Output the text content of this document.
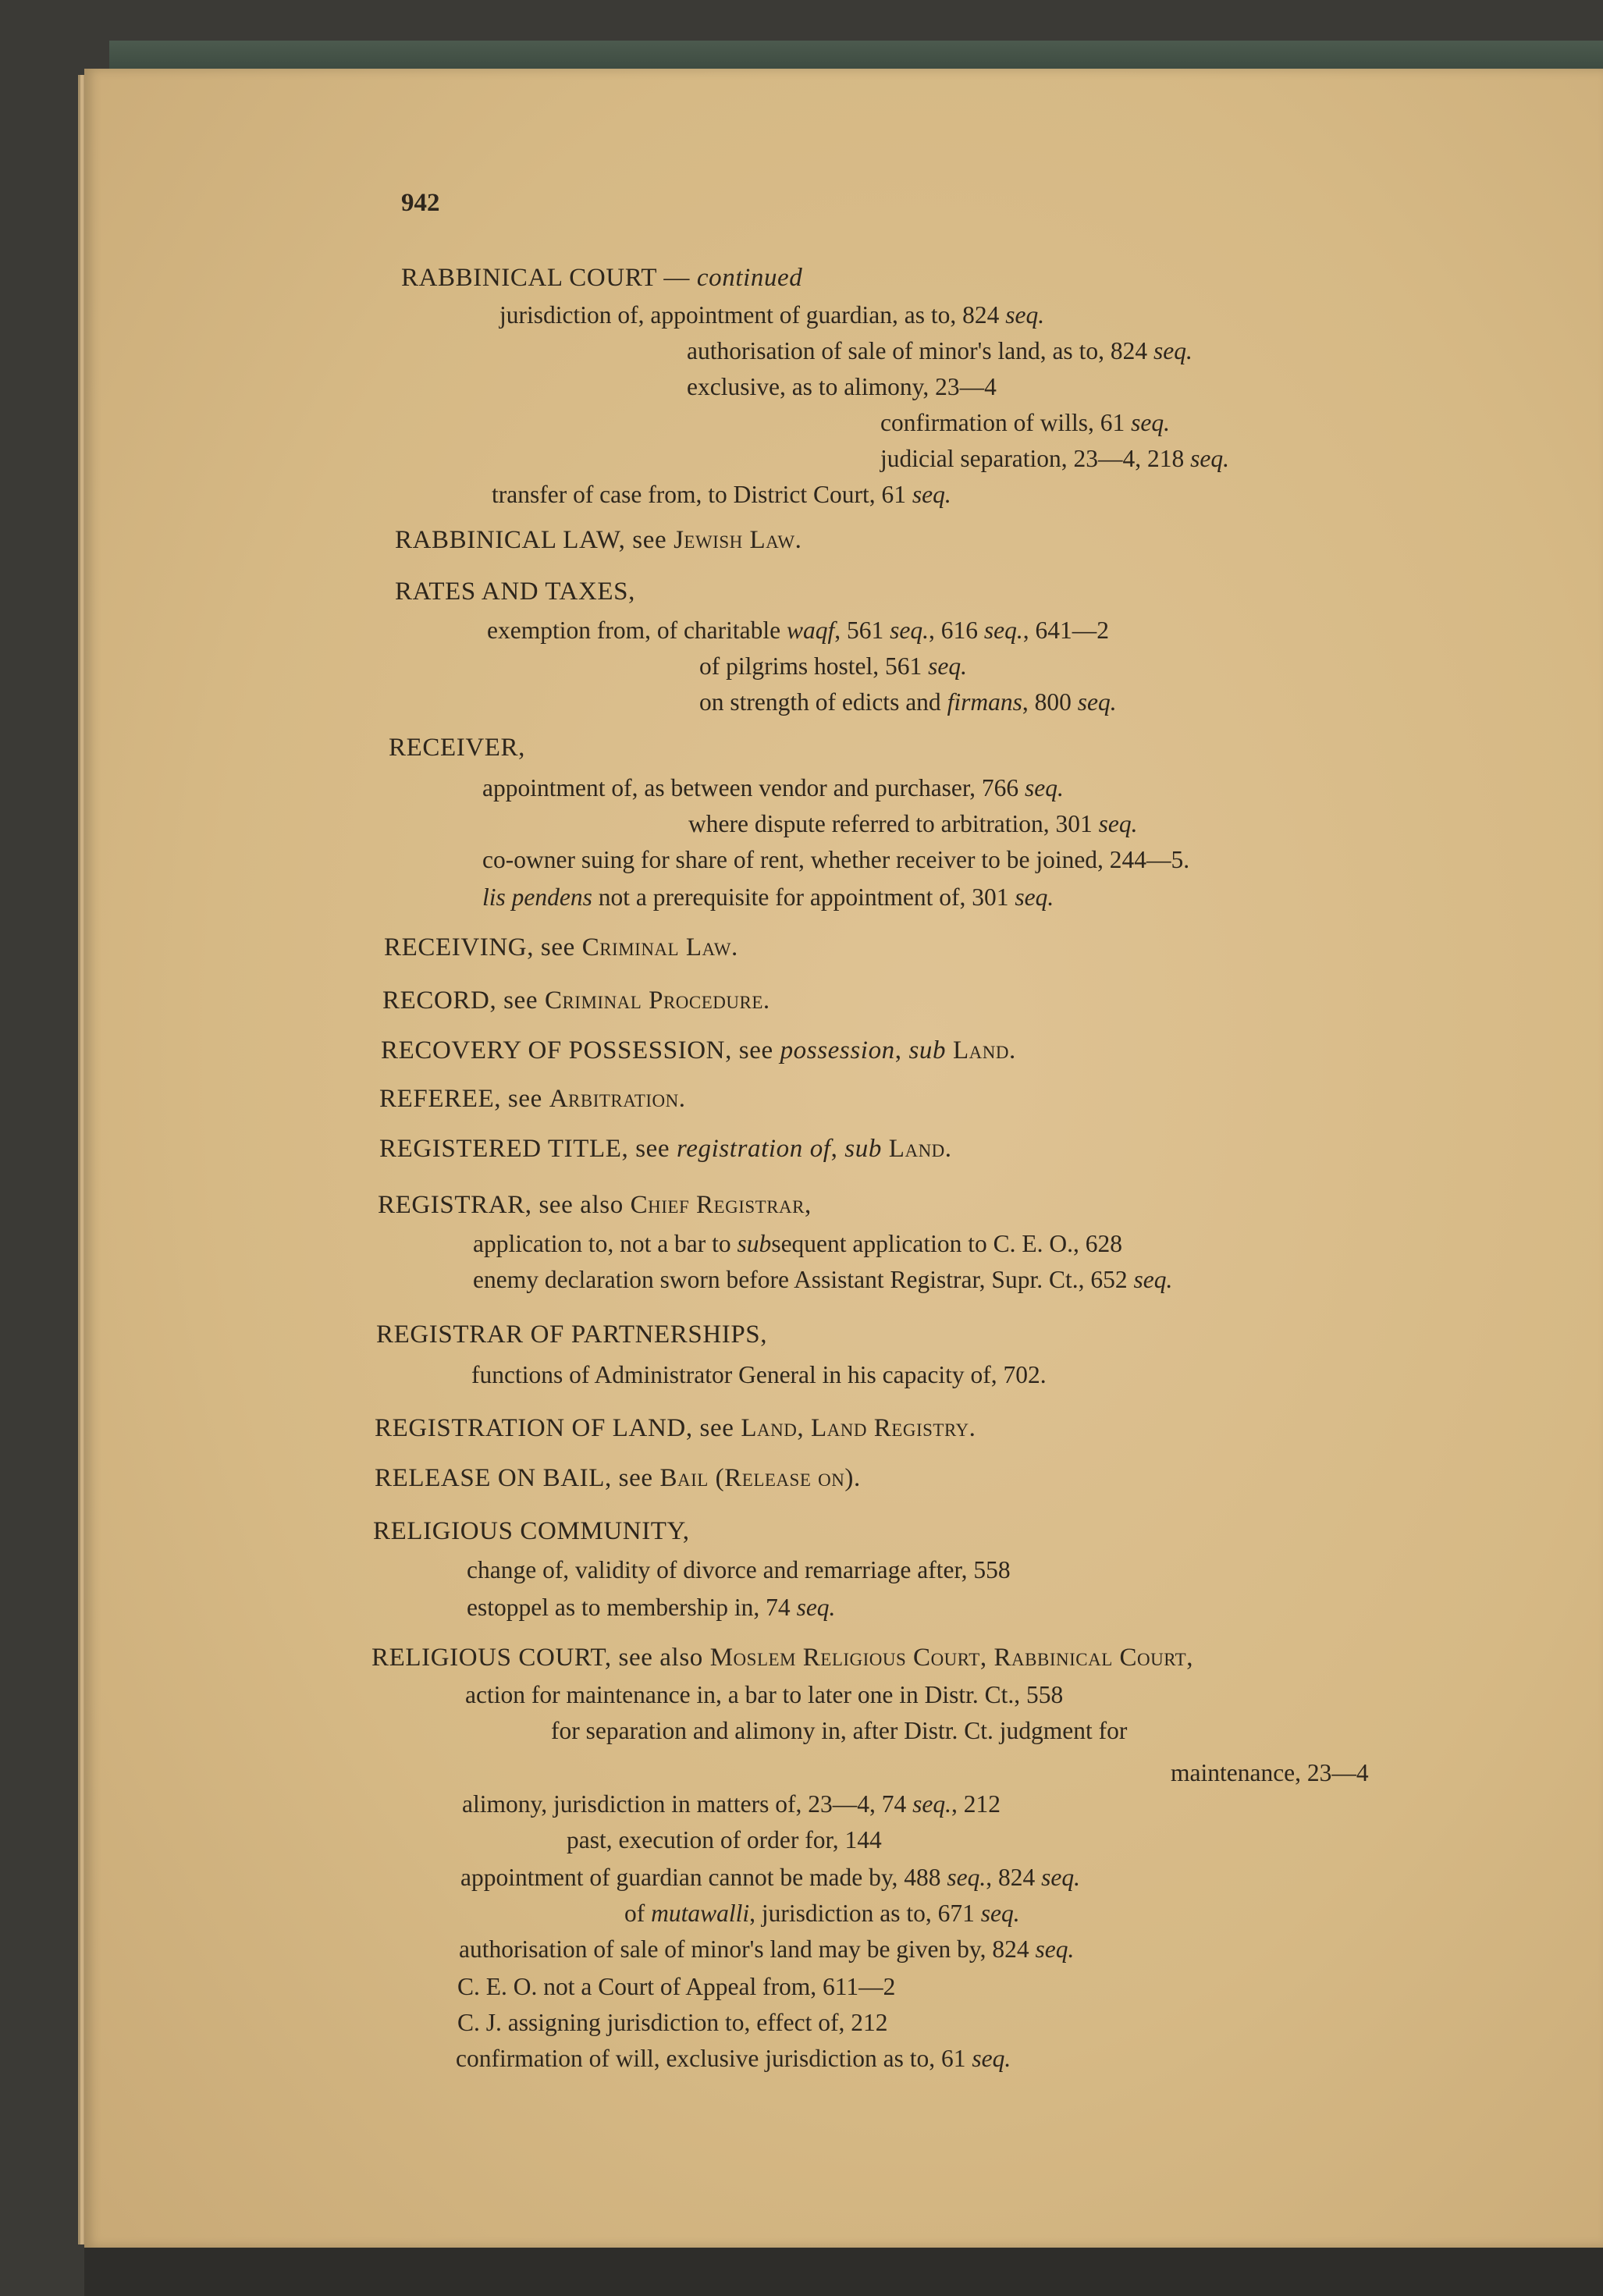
942
RABBINICAL COURT — continued
jurisdiction of, appointment of guardian, as to, 824 seq.
authorisation of sale of minor's land, as to, 824 seq.
exclusive, as to alimony, 23—4
confirmation of wills, 61 seq.
judicial separation, 23—4, 218 seq.
transfer of case from, to District Court, 61 seq.
RABBINICAL LAW, see Jewish Law.
RATES AND TAXES,
exemption from, of charitable waqf, 561 seq., 616 seq., 641—2
of pilgrims hostel, 561 seq.
on strength of edicts and firmans, 800 seq.
RECEIVER,
appointment of, as between vendor and purchaser, 766 seq.
where dispute referred to arbitration, 301 seq.
co-owner suing for share of rent, whether receiver to be joined, 244—5.
lis pendens not a prerequisite for appointment of, 301 seq.
RECEIVING, see Criminal Law.
RECORD, see Criminal Procedure.
RECOVERY OF POSSESSION, see possession, sub Land.
REFEREE, see Arbitration.
REGISTERED TITLE, see registration of, sub Land.
REGISTRAR, see also Chief Registrar,
application to, not a bar to subsequent application to C. E. O., 628
enemy declaration sworn before Assistant Registrar, Supr. Ct., 652 seq.
REGISTRAR OF PARTNERSHIPS,
functions of Administrator General in his capacity of, 702.
REGISTRATION OF LAND, see Land, Land Registry.
RELEASE ON BAIL, see Bail (Release on).
RELIGIOUS COMMUNITY,
change of, validity of divorce and remarriage after, 558
estoppel as to membership in, 74 seq.
RELIGIOUS COURT, see also Moslem Religious Court, Rabbinical Court,
action for maintenance in, a bar to later one in Distr. Ct., 558
for separation and alimony in, after Distr. Ct. judgment for
maintenance, 23—4
alimony, jurisdiction in matters of, 23—4, 74 seq., 212
past, execution of order for, 144
appointment of guardian cannot be made by, 488 seq., 824 seq.
of mutawalli, jurisdiction as to, 671 seq.
authorisation of sale of minor's land may be given by, 824 seq.
C. E. O. not a Court of Appeal from, 611—2
C. J. assigning jurisdiction to, effect of, 212
confirmation of will, exclusive jurisdiction as to, 61 seq.
